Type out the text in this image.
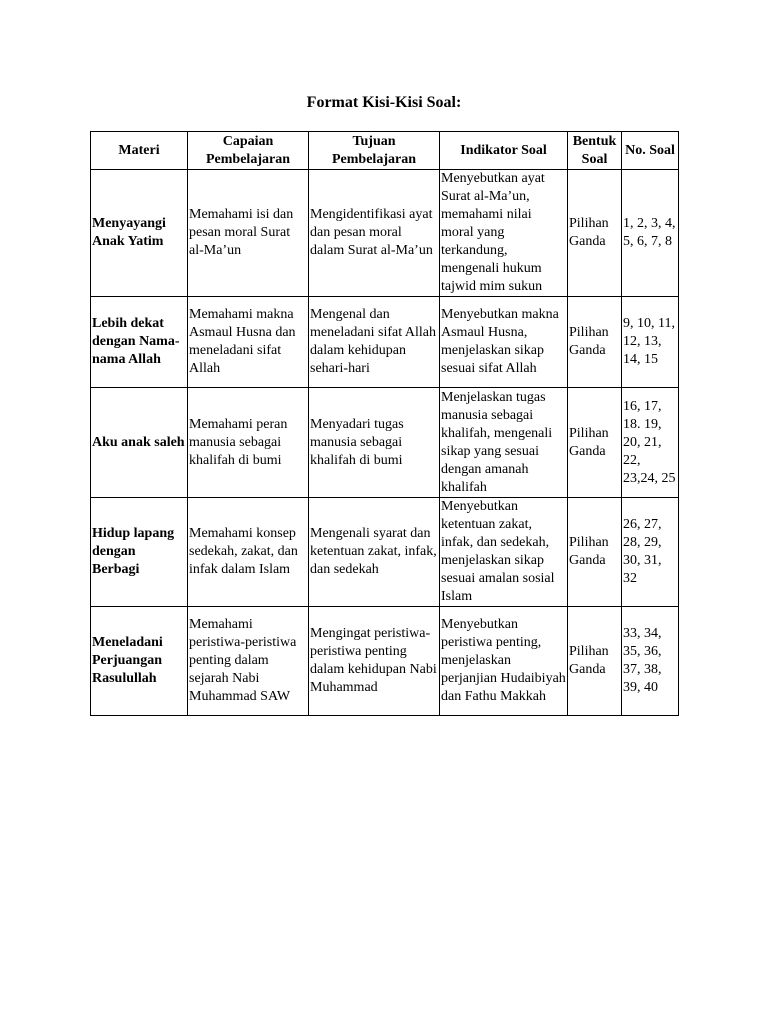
Format Kisi-Kisi Soal:
Materi	Capaian Pembelajaran	Tujuan Pembelajaran	Indikator Soal	Bentuk Soal	No. Soal
Menyayangi Anak Yatim	Memahami isi dan pesan moral Surat al-Ma’un	Mengidentifikasi ayat dan pesan moral dalam Surat al-Ma’un	Menyebutkan ayat Surat al-Ma’un, memahami nilai moral yang terkandung, mengenali hukum tajwid mim sukun	Pilihan Ganda	1, 2, 3, 4, 5, 6, 7, 8
Lebih dekat dengan Nama-nama Allah	Memahami makna Asmaul Husna dan meneladani sifat Allah	Mengenal dan meneladani sifat Allah dalam kehidupan sehari-hari	Menyebutkan makna Asmaul Husna, menjelaskan sikap sesuai sifat Allah	Pilihan Ganda	9, 10, 11, 12, 13, 14, 15
Aku anak saleh	Memahami peran manusia sebagai khalifah di bumi	Menyadari tugas manusia sebagai khalifah di bumi	Menjelaskan tugas manusia sebagai khalifah, mengenali sikap yang sesuai dengan amanah khalifah	Pilihan Ganda	16, 17, 18. 19, 20, 21, 22, 23,24, 25
Hidup lapang dengan Berbagi	Memahami konsep sedekah, zakat, dan infak dalam Islam	Mengenali syarat dan ketentuan zakat, infak, dan sedekah	Menyebutkan ketentuan zakat, infak, dan sedekah, menjelaskan sikap sesuai amalan sosial Islam	Pilihan Ganda	26, 27, 28, 29, 30, 31, 32
Meneladani Perjuangan Rasulullah	Memahami peristiwa-peristiwa penting dalam sejarah Nabi Muhammad SAW	Mengingat peristiwa-peristiwa penting dalam kehidupan Nabi Muhammad	Menyebutkan peristiwa penting, menjelaskan perjanjian Hudaibiyah dan Fathu Makkah	Pilihan Ganda	33, 34, 35, 36, 37, 38, 39, 40
